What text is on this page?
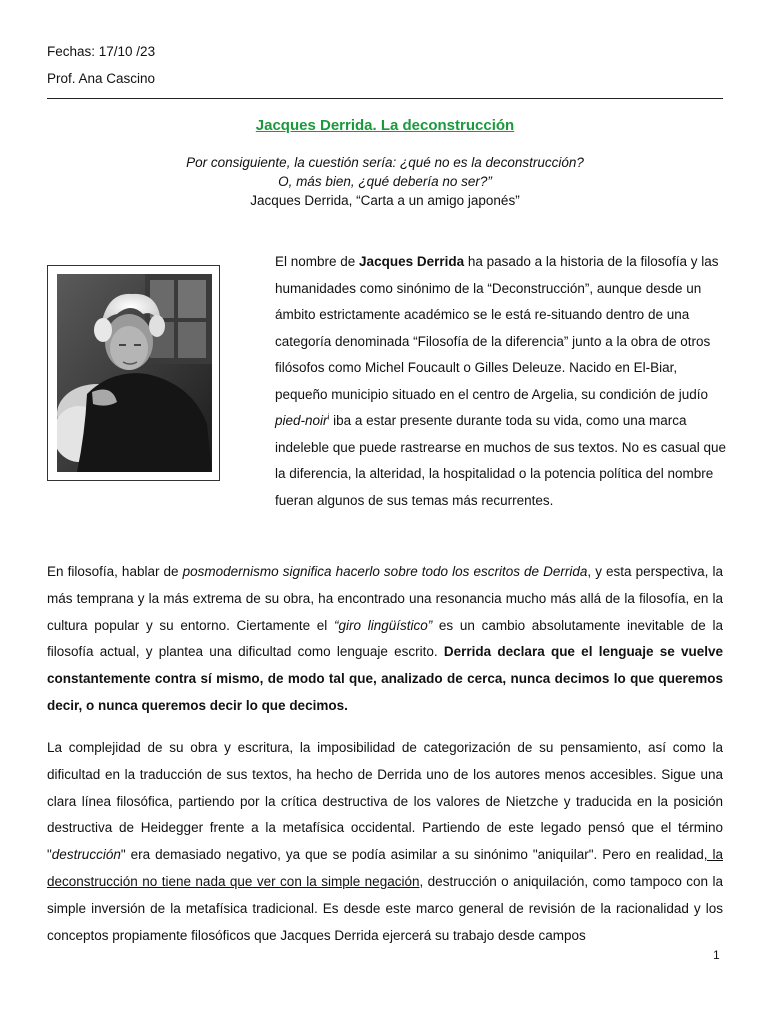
Fechas: 17/10 /23
Prof. Ana Cascino
Jacques Derrida. La deconstrucción
Por consiguiente, la cuestión sería: ¿qué no es la deconstrucción?
O, más bien, ¿qué debería no ser?”
Jacques Derrida, “Carta a un amigo japonés”
El nombre de Jacques Derrida ha pasado a la historia de la filosofía y las humanidades como sinónimo de la “Deconstrucción”, aunque desde un ámbito estrictamente académico se le está re-situando dentro de una categoría denominada “Filosofía de la diferencia” junto a la obra de otros filósofos como Michel Foucault o Gilles Deleuze. Nacido en El-Biar, pequeño municipio situado en el centro de Argelia, su condición de judío pied-noir$^i$ iba a estar presente durante toda su vida, como una marca indeleble que puede rastrearse en muchos de sus textos. No es casual que la diferencia, la alteridad, la hospitalidad o la potencia política del nombre fueran algunos de sus temas más recurrentes.
En filosofía, hablar de posmodernismo significa hacerlo sobre todo los escritos de Derrida, y esta perspectiva, la más temprana y la más extrema de su obra, ha encontrado una resonancia mucho más allá de la filosofía, en la cultura popular y su entorno. Ciertamente el “giro lingüístico” es un cambio absolutamente inevitable de la filosofía actual, y plantea una dificultad como lenguaje escrito. Derrida declara que el lenguaje se vuelve constantemente contra sí mismo, de modo tal que, analizado de cerca, nunca decimos lo que queremos decir, o nunca queremos decir lo que decimos.
La complejidad de su obra y escritura, la imposibilidad de categorización de su pensamiento, así como la dificultad en la traducción de sus textos, ha hecho de Derrida uno de los autores menos accesibles. Sigue una clara línea filosófica, partiendo por la crítica destructiva de los valores de Nietzche y traducida en la posición destructiva de Heidegger frente a la metafísica occidental. Partiendo de este legado pensó que el término "destrucción" era demasiado negativo, ya que se podía asimilar a su sinónimo "aniquilar". Pero en realidad, la deconstrucción no tiene nada que ver con la simple negación, destrucción o aniquilación, como tampoco con la simple inversión de la metafísica tradicional. Es desde este marco general de revisión de la racionalidad y los conceptos propiamente filosóficos que Jacques Derrida ejercerá su trabajo desde campos
1
